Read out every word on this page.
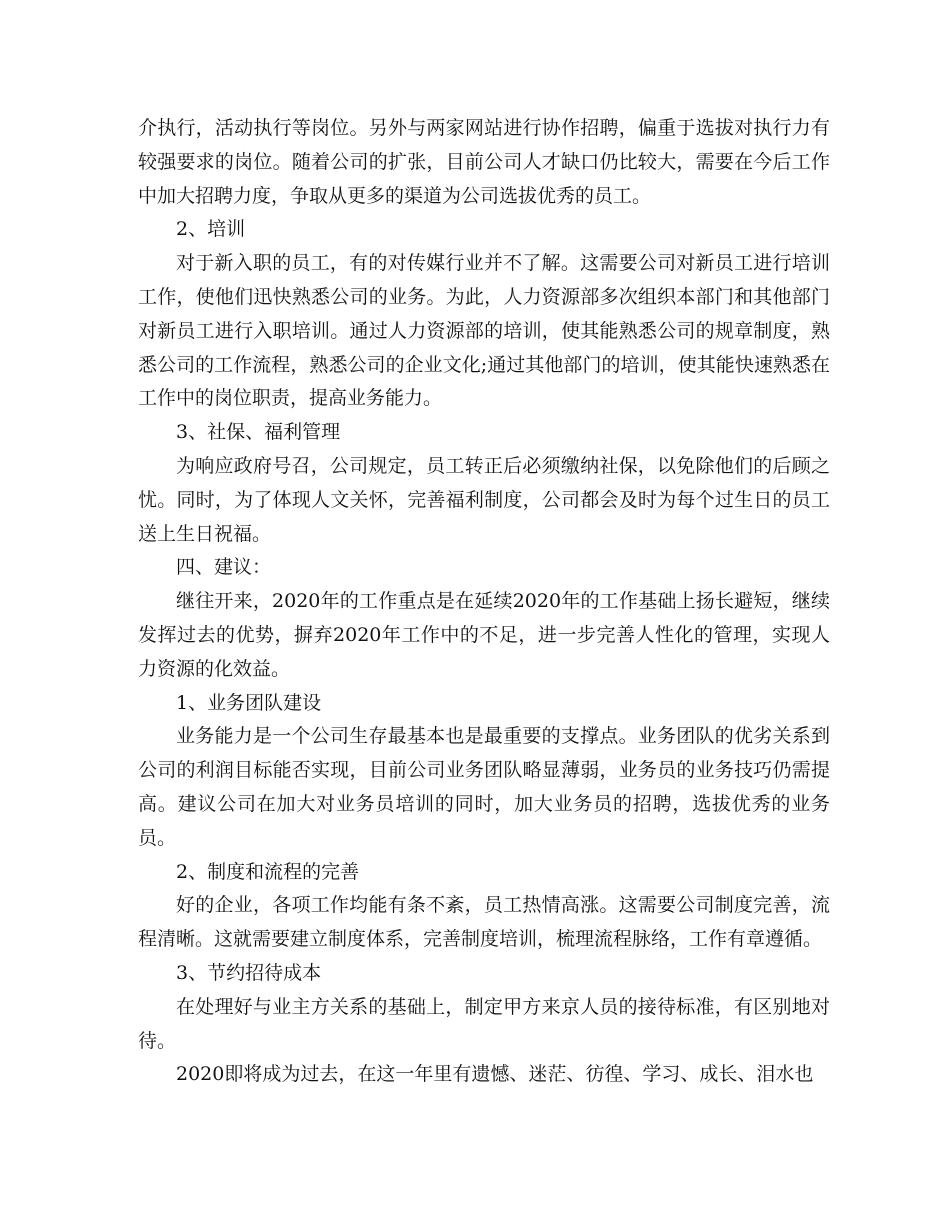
介执行，活动执行等岗位。另外与两家网站进行协作招聘，偏重于选拔对执行力有较强要求的岗位。随着公司的扩张，目前公司人才缺口仍比较大，需要在今后工作中加大招聘力度，争取从更多的渠道为公司选拔优秀的员工。

2、培训

对于新入职的员工，有的对传媒行业并不了解。这需要公司对新员工进行培训工作，使他们迅快熟悉公司的业务。为此，人力资源部多次组织本部门和其他部门对新员工进行入职培训。通过人力资源部的培训，使其能熟悉公司的规章制度，熟悉公司的工作流程，熟悉公司的企业文化;通过其他部门的培训，使其能快速熟悉在工作中的岗位职责，提高业务能力。

3、社保、福利管理

为响应政府号召，公司规定，员工转正后必须缴纳社保，以免除他们的后顾之忧。同时，为了体现人文关怀，完善福利制度，公司都会及时为每个过生日的员工送上生日祝福。

四、建议：

继往开来，2020年的工作重点是在延续2020年的工作基础上扬长避短，继续发挥过去的优势，摒弃2020年工作中的不足，进一步完善人性化的管理，实现人力资源的化效益。

1、业务团队建设

业务能力是一个公司生存最基本也是最重要的支撑点。业务团队的优劣关系到公司的利润目标能否实现，目前公司业务团队略显薄弱，业务员的业务技巧仍需提高。建议公司在加大对业务员培训的同时，加大业务员的招聘，选拔优秀的业务员。

2、制度和流程的完善

好的企业，各项工作均能有条不紊，员工热情高涨。这需要公司制度完善，流程清晰。这就需要建立制度体系，完善制度培训，梳理流程脉络，工作有章遵循。

3、节约招待成本

在处理好与业主方关系的基础上，制定甲方来京人员的接待标准，有区别地对待。

2020即将成为过去，在这一年里有遗憾、迷茫、彷徨、学习、成长、泪水也
